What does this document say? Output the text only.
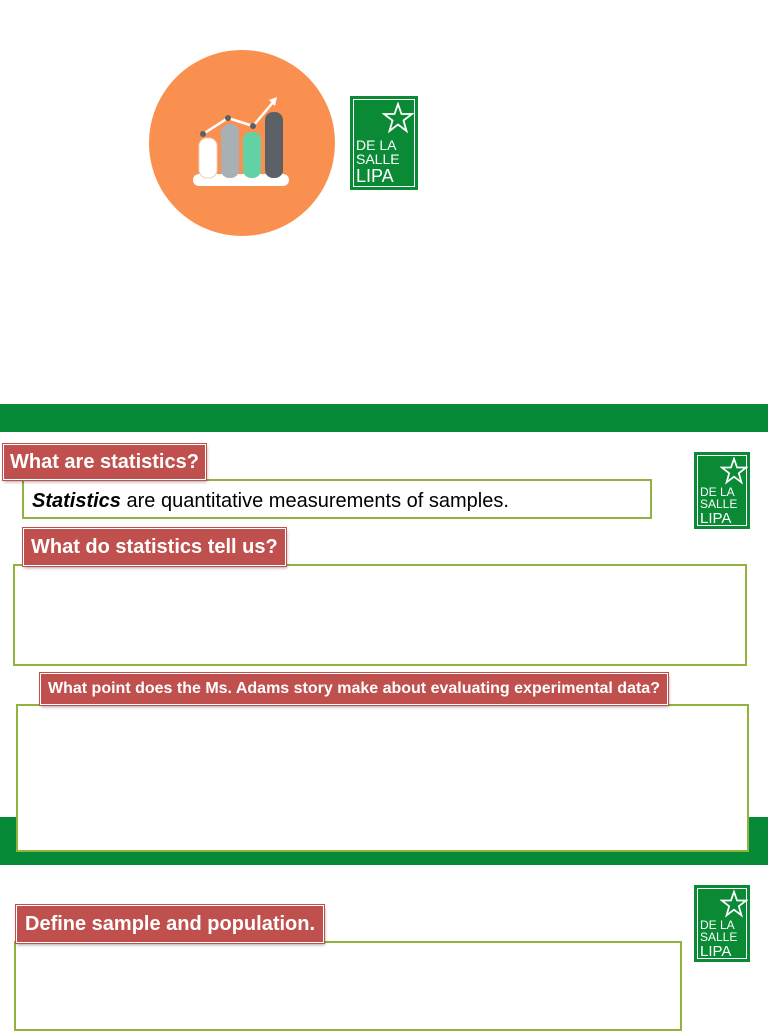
DE LA
SALLE
LIPA
DE LA
SALLE
LIPA
Statistics are quantitative measurements of samples.
What are statistics?
What do statistics tell us?
What point does the Ms. Adams story make about evaluating experimental data?
DE LA
SALLE
LIPA
Define sample and population.
